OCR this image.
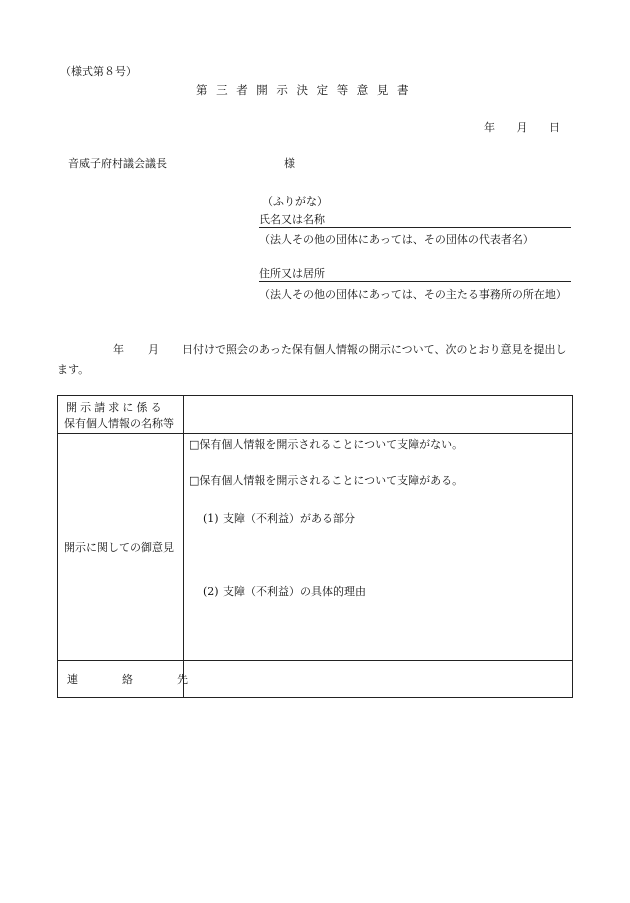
（様式第８号）
第三者開示決定等意見書
年 月 日
音威子府村議会議長	様
（ふりがな）
氏名又は名称
（法人その他の団体にあっては、その団体の代表者名）
住所又は居所
（法人その他の団体にあっては、その主たる事務所の所在地）
年 月 日付けで照会のあった保有個人情報の開示について、次のとおり意見を提出し
ます。
開示請求に係る
保有個人情報の名称等
開示に関しての御意見
連絡先
□保有個人情報を開示されることについて支障がない。
□保有個人情報を開示されることについて支障がある。
(1) 支障（不利益）がある部分
(2) 支障（不利益）の具体的理由
